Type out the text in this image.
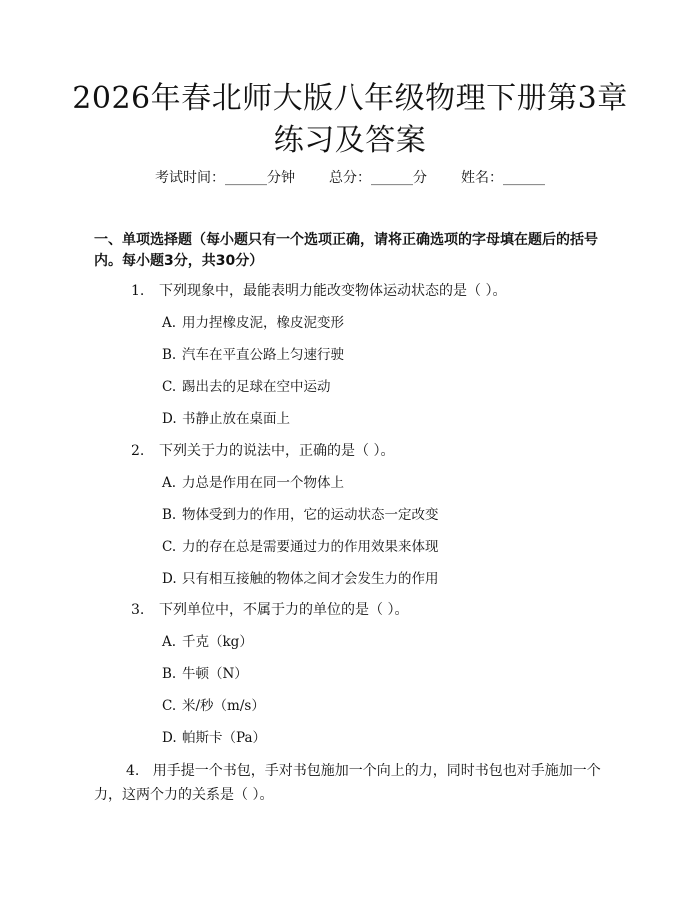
2026年春北师大版八年级物理下册第3章练习及答案
考试时间：______分钟 总分：______分 姓名：______
一、单项选择题（每小题只有一个选项正确，请将正确选项的字母填在题后的括号内。每小题3分，共30分）
1. 下列现象中，最能表明力能改变物体运动状态的是（ ）。
A. 用力捏橡皮泥，橡皮泥变形
B. 汽车在平直公路上匀速行驶
C. 踢出去的足球在空中运动
D. 书静止放在桌面上
2. 下列关于力的说法中，正确的是（ ）。
A. 力总是作用在同一个物体上
B. 物体受到力的作用，它的运动状态一定改变
C. 力的存在总是需要通过力的作用效果来体现
D. 只有相互接触的物体之间才会发生力的作用
3. 下列单位中，不属于力的单位的是（ ）。
A. 千克（kg）
B. 牛顿（N）
C. 米/秒（m/s）
D. 帕斯卡（Pa）
4. 用手提一个书包，手对书包施加一个向上的力，同时书包也对手施加一个力，这两个力的关系是（ ）。
